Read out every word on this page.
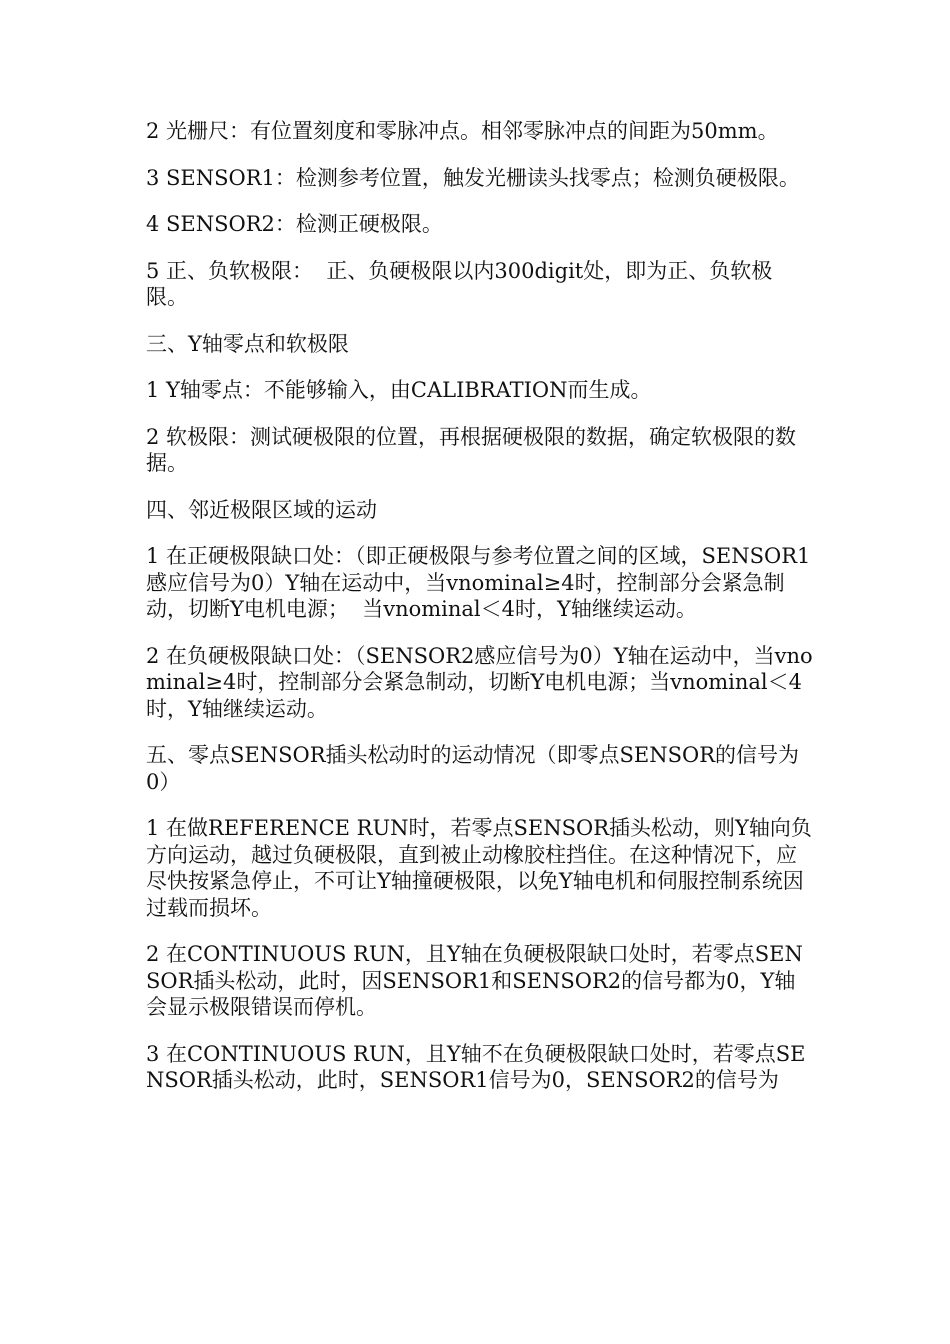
2 光栅尺：有位置刻度和零脉冲点。相邻零脉冲点的间距为50mm。

3 SENSOR1：检测参考位置，触发光栅读头找零点；检测负硬极限。

4 SENSOR2：检测正硬极限。

5 正、负软极限：  正、负硬极限以内300digit处，即为正、负软极限。

三、Y轴零点和软极限

1 Y轴零点：不能够输入，由CALIBRATION而生成。

2 软极限：测试硬极限的位置，再根据硬极限的数据，确定软极限的数据。

四、邻近极限区域的运动

1 在正硬极限缺口处：（即正硬极限与参考位置之间的区域，SENSOR1感应信号为0）Y轴在运动中，当vnominal≥4时，控制部分会紧急制动，切断Y电机电源；  当vnominal＜4时，Y轴继续运动。

2 在负硬极限缺口处：（SENSOR2感应信号为0）Y轴在运动中，当vnominal≥4时，控制部分会紧急制动，切断Y电机电源；当vnominal＜4时，Y轴继续运动。

五、零点SENSOR插头松动时的运动情况（即零点SENSOR的信号为0）

1 在做REFERENCE RUN时，若零点SENSOR插头松动，则Y轴向负方向运动，越过负硬极限，直到被止动橡胶柱挡住。在这种情况下，应尽快按紧急停止，不可让Y轴撞硬极限，以免Y轴电机和伺服控制系统因过载而损坏。

2 在CONTINUOUS RUN，且Y轴在负硬极限缺口处时，若零点SENSOR插头松动，此时，因SENSOR1和SENSOR2的信号都为0，Y轴会显示极限错误而停机。

3 在CONTINUOUS RUN，且Y轴不在负硬极限缺口处时，若零点SENSOR插头松动，此时，SENSOR1信号为0，SENSOR2的信号为
